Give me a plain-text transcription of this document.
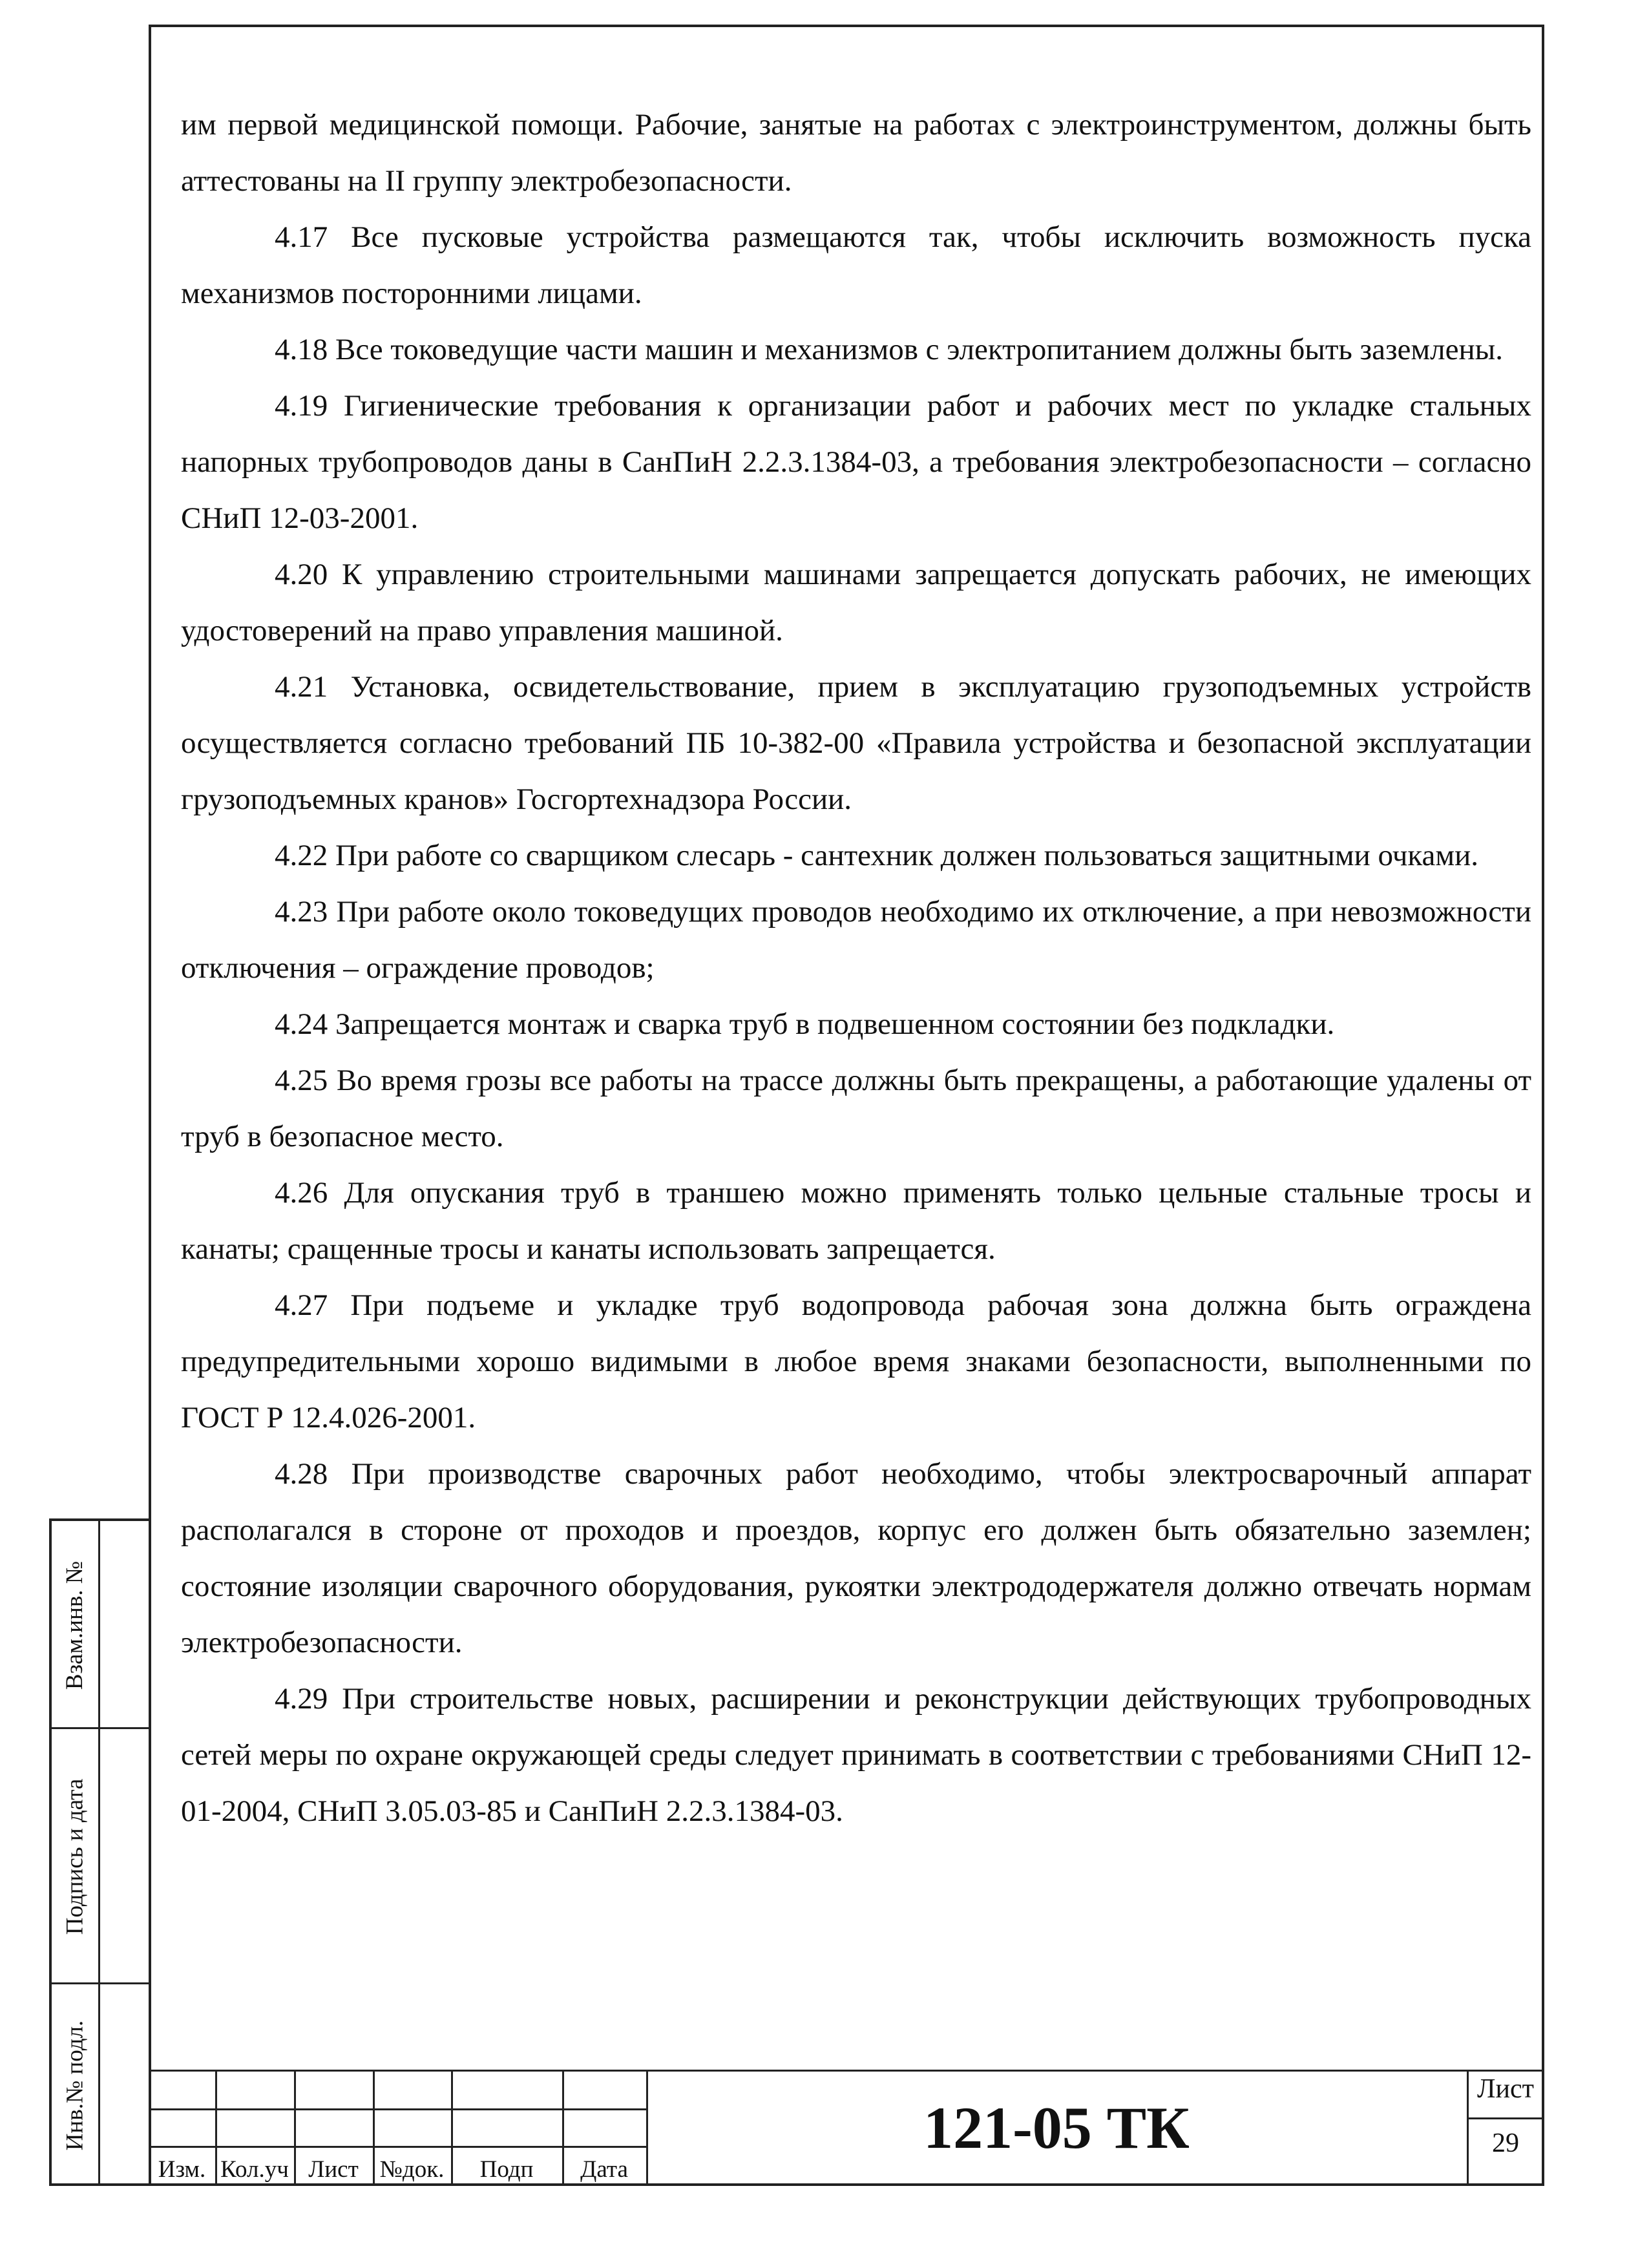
им первой медицинской помощи. Рабочие, занятые на работах с электроинструментом, должны быть аттестованы на II группу электробезопасности.

4.17 Все пусковые устройства размещаются так, чтобы исключить возможность пуска механизмов посторонними лицами.

4.18 Все токоведущие части машин и механизмов с электропитанием должны быть заземлены.

4.19 Гигиенические требования к организации работ и рабочих мест по укладке стальных напорных трубопроводов даны в СанПиН 2.2.3.1384-03, а требования электробезопасности – согласно СНиП 12-03-2001.

4.20 К управлению строительными машинами запрещается допускать рабочих, не имеющих удостоверений на право управления машиной.

4.21 Установка, освидетельствование, прием в эксплуатацию грузоподъемных устройств осуществляется согласно требований ПБ 10-382-00 «Правила устройства и безопасной эксплуатации грузоподъемных кранов» Госгортехнадзора России.

4.22 При работе со сварщиком слесарь - сантехник должен пользоваться защитными очками.

4.23 При работе около токоведущих проводов необходимо их отключение, а при невозможности отключения – ограждение проводов;

4.24 Запрещается монтаж и сварка труб в подвешенном состоянии без подкладки.

4.25 Во время грозы все работы на трассе должны быть прекращены, а работающие удалены от труб в безопасное место.

4.26 Для опускания труб в траншею можно применять только цельные стальные тросы и канаты; сращенные тросы и канаты использовать запрещается.

4.27 При подъеме и укладке труб водопровода рабочая зона должна быть ограждена предупредительными хорошо видимыми в любое время знаками безопасности, выполненными по ГОСТ Р 12.4.026-2001.

4.28 При производстве сварочных работ необходимо, чтобы электросварочный аппарат располагался в стороне от проходов и проездов, корпус его должен быть обязательно заземлен; состояние изоляции сварочного оборудования, рукоятки электрододержателя должно отвечать нормам электробезопасности.

4.29 При строительстве новых, расширении и реконструкции действующих трубопроводных сетей меры по охране окружающей среды следует принимать в соответствии с требованиями СНиП 12-01-2004, СНиП 3.05.03-85 и СанПиН 2.2.3.1384-03.

Взам.инв. №
Подпись и дата
Инв.№ подл.
Изм. Кол.уч Лист №док.	Подп	Дата
121-05 ТК
Лист
29
